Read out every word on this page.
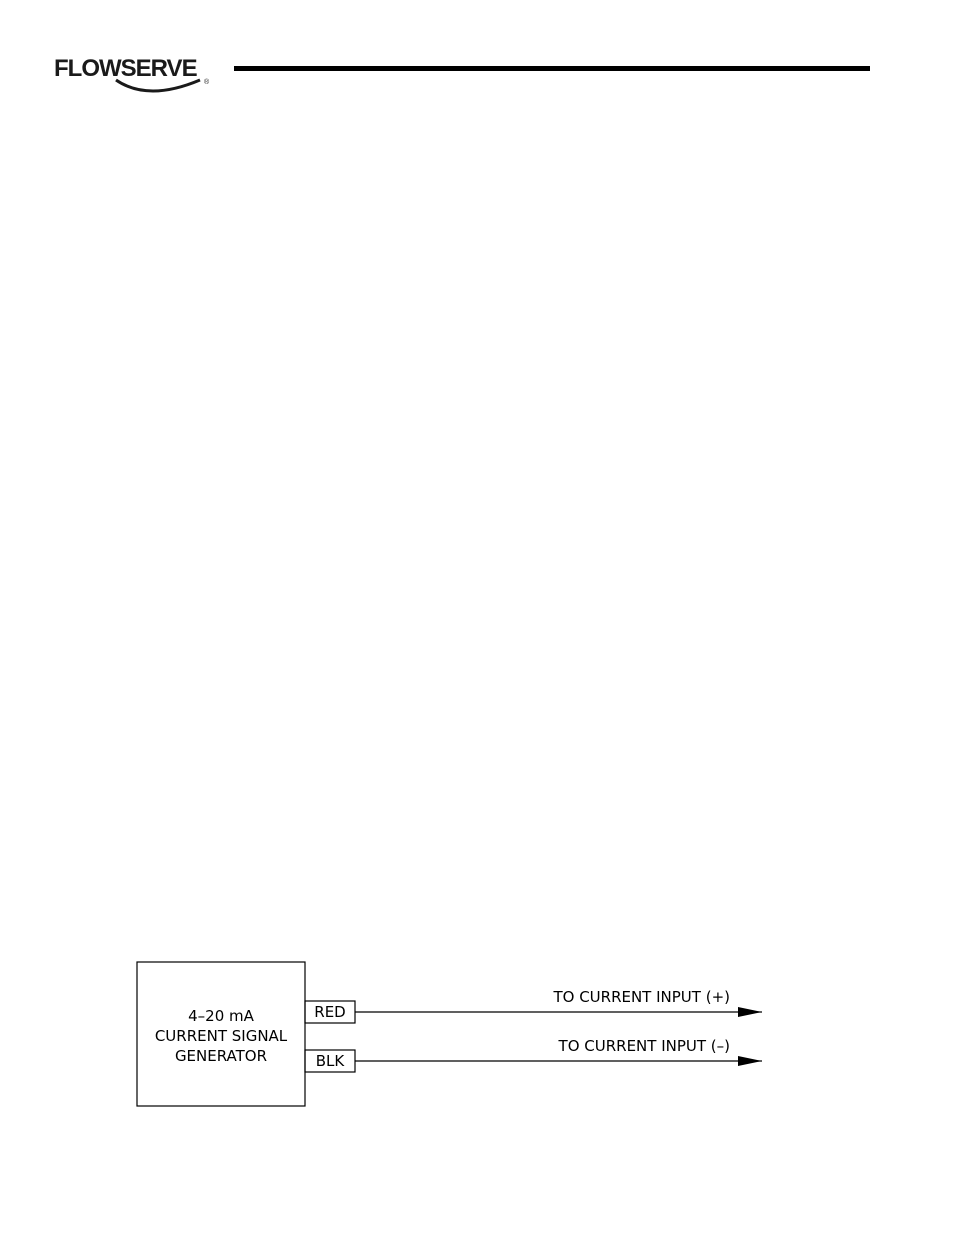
FLOWSERVE
®
4–20 mA
CURRENT SIGNAL
GENERATOR
RED
TO CURRENT INPUT (+)
BLK
TO CURRENT INPUT (–)
